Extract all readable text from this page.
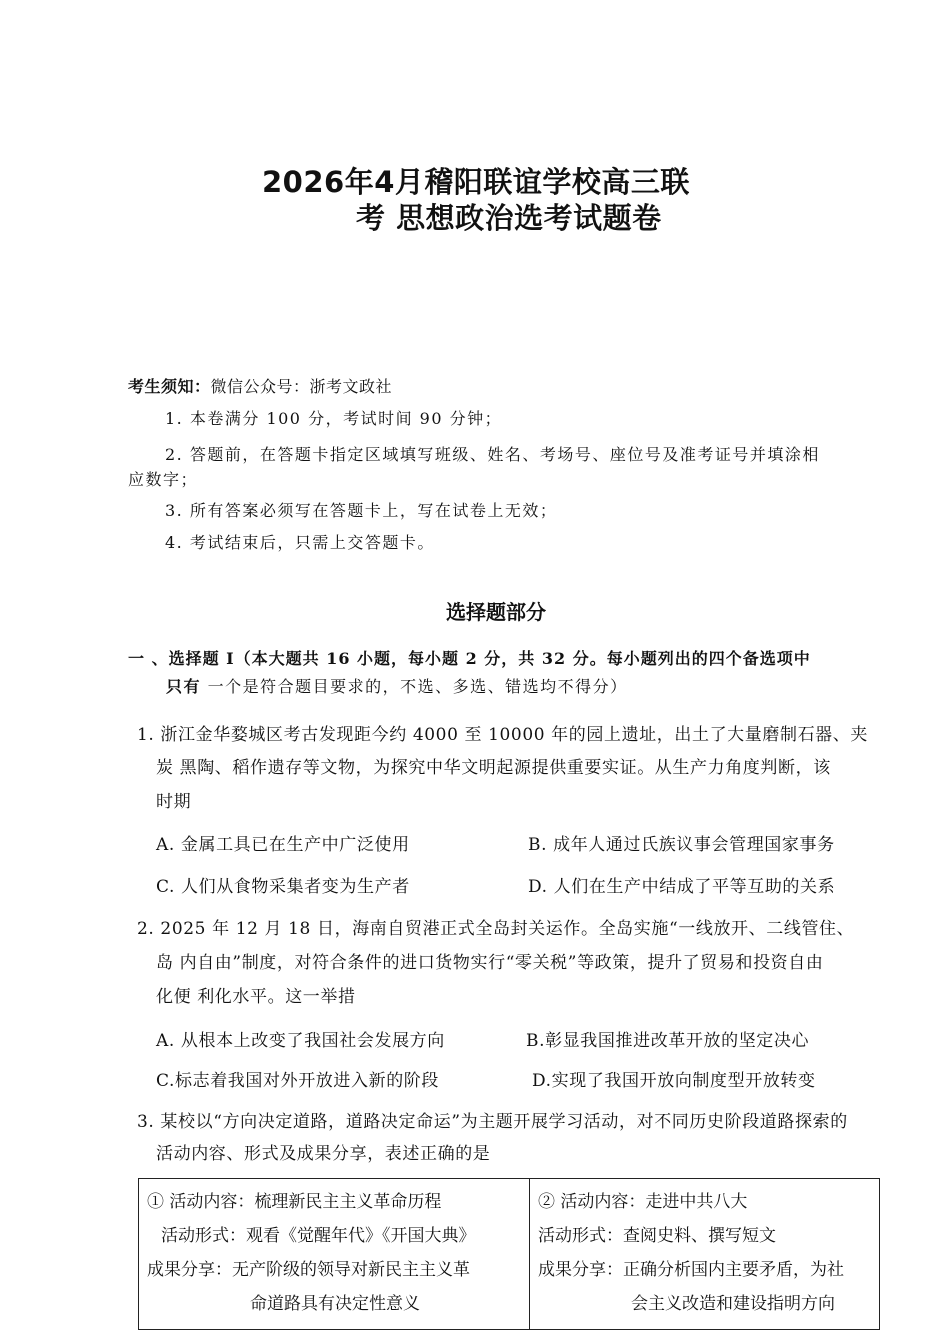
2026年4月稽阳联谊学校高三联
考 思想政治选考试题卷
考生须知：微信公众号：浙考文政社
1. 本卷满分 100 分，考试时间 90 分钟；
2. 答题前，在答题卡指定区域填写班级、姓名、考场号、座位号及准考证号并填涂相
应数字；
3. 所有答案必须写在答题卡上，写在试卷上无效；
4. 考试结束后，只需上交答题卡。
选择题部分
一 、选择题 I（本大题共 16 小题，每小题 2 分，共 32 分。每小题列出的四个备选项中
只有 一个是符合题目要求的，不选、多选、错选均不得分）
1. 浙江金华婺城区考古发现距今约 4000 至 10000 年的园上遗址，出土了大量磨制石器、夹
炭 黑陶、稻作遗存等文物，为探究中华文明起源提供重要实证。从生产力角度判断，该
时期
A. 金属工具已在生产中广泛使用	B. 成年人通过氏族议事会管理国家事务
C. 人们从食物采集者变为生产者	D. 人们在生产中结成了平等互助的关系
2. 2025 年 12 月 18 日，海南自贸港正式全岛封关运作。全岛实施“一线放开、二线管住、
岛 内自由”制度，对符合条件的进口货物实行“零关税”等政策，提升了贸易和投资自由
化便 利化水平。这一举措
A. 从根本上改变了我国社会发展方向	B.彰显我国推进改革开放的坚定决心
C.标志着我国对外开放进入新的阶段	D.实现了我国开放向制度型开放转变
3. 某校以“方向决定道路，道路决定命运”为主题开展学习活动，对不同历史阶段道路探索的
活动内容、形式及成果分享，表述正确的是
① 活动内容：梳理新民主主义革命历程
活动形式：观看《觉醒年代》《开国大典》
成果分享：无产阶级的领导对新民主主义革
命道路具有决定性意义

② 活动内容：走进中共八大
活动形式：查阅史料、撰写短文
成果分享：正确分析国内主要矛盾，为社
会主义改造和建设指明方向
